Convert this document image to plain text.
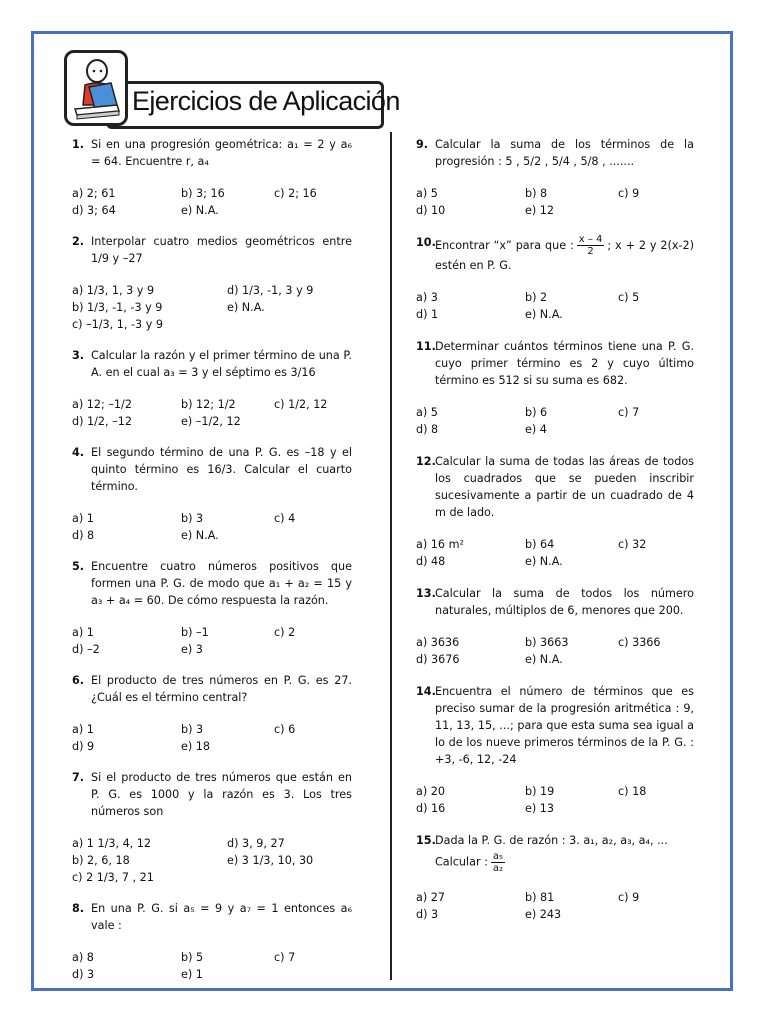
Ejercicios de Aplicación
1. Si en una progresión geométrica: a₁ = 2 y a₆ = 64. Encuentre r, a₄
a) 2; 61	b) 3; 16	c) 2; 16
d) 3; 64	e) N.A.
2. Interpolar cuatro medios geométricos entre 1/9 y –27
a) 1/3, 1, 3 y 9	d) 1/3, -1, 3 y 9
b) 1/3, -1, -3 y 9	e) N.A.
c) –1/3, 1, -3 y 9
3. Calcular la razón y el primer término de una P. A. en el cual a₃ = 3 y el séptimo es 3/16
a) 12; –1/2	b) 12; 1/2	c) 1/2, 12
d) 1/2, –12	e) –1/2, 12
4. El segundo término de una P. G. es –18 y el quinto término es 16/3. Calcular el cuarto término.
a) 1	b) 3	c) 4
d) 8	e) N.A.
5. Encuentre cuatro números positivos que formen una P. G. de modo que a₁ + a₂ = 15 y a₃ + a₄ = 60. De cómo respuesta la razón.
a) 1	b) –1	c) 2
d) –2	e) 3
6. El producto de tres números en P. G. es 27. ¿Cuál es el término central?
a) 1	b) 3	c) 6
d) 9	e) 18
7. Si el producto de tres números que están en P. G. es 1000 y la razón es 3. Los tres números son
a) 1 1/3, 4, 12	d) 3, 9, 27
b) 2, 6, 18	e) 3 1/3, 10, 30
c) 2 1/3, 7 , 21
8. En una P. G. si a₅ = 9 y a₇ = 1 entonces a₆ vale :
a) 8	b) 5	c) 7
d) 3	e) 1
9. Calcular la suma de los términos de la progresión : 5 , 5/2 , 5/4 , 5/8 , .......
a) 5	b) 8	c) 9
d) 10	e) 12
10. Encontrar “x” para que : $\frac{x - 4}{2}$ ; x + 2 y 2(x-2) estén en P. G.
a) 3	b) 2	c) 5
d) 1	e) N.A.
11. Determinar cuántos términos tiene una P. G. cuyo primer término es 2 y cuyo último término es 512 si su suma es 682.
a) 5	b) 6	c) 7
d) 8	e) 4
12. Calcular la suma de todas las áreas de todos los cuadrados que se pueden inscribir sucesivamente a partir de un cuadrado de 4 m de lado.
a) 16 m²	b) 64	c) 32
d) 48	e) N.A.
13. Calcular la suma de todos los número naturales, múltiplos de 6, menores que 200.
a) 3636	b) 3663	c) 3366
d) 3676	e) N.A.
14. Encuentra el número de términos que es preciso sumar de la progresión aritmética : 9, 11, 13, 15, ...; para que esta suma sea igual a lo de los nueve primeros términos de la P. G. : +3, -6, 12, -24
a) 20	b) 19	c) 18
d) 16	e) 13
15. Dada la P. G. de razón : 3. a₁, a₂, a₃, a₄, ...
Calcular : $\frac{\text{a₅}}{\text{a₂}}$
a) 27	b) 81	c) 9
d) 3	e) 243
